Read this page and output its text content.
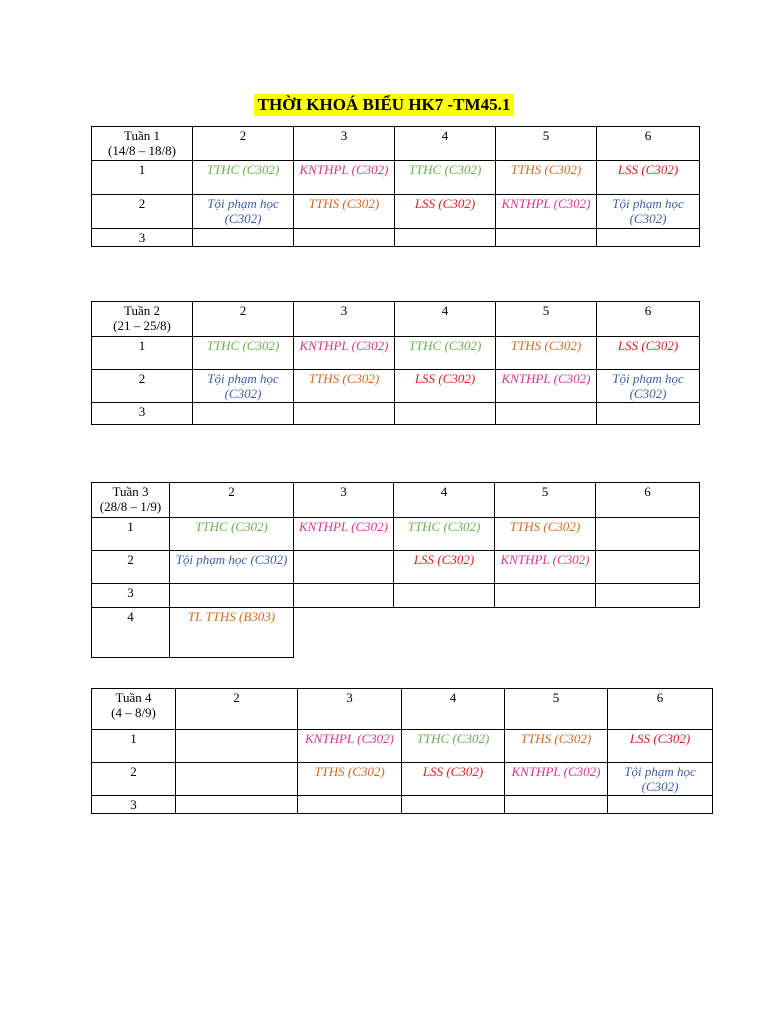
THỜI KHOÁ BIỂU HK7 -TM45.1
Tuần 1
(14/8 – 18/8)	2	3	4	5	6
1	TTHC (C302)	KNTHPL (C302)	TTHC (C302)	TTHS (C302)	LSS (C302)

2	Tội phạm học (C302)	TTHS (C302)	LSS (C302)	KNTHPL (C302)	Tội phạm học (C302)

3					
Tuần 2
(21 – 25/8)	2	3	4	5	6
1	TTHC (C302)	KNTHPL (C302)	TTHC (C302)	TTHS (C302)	LSS (C302)

2	Tội phạm học (C302)	TTHS (C302)	LSS (C302)	KNTHPL (C302)	Tội phạm học (C302)

3					
Tuần 3
(28/8 – 1/9)	2	3	4	5	6
1	TTHC (C302)	KNTHPL (C302)	TTHC (C302)	TTHS (C302)	

2	Tội phạm học (C302)		LSS (C302)	KNTHPL (C302)	

3					
4	TL TTHS (B303)				

Tuần 4
(4 – 8/9)	2	3	4	5	6
1		KNTHPL (C302)	TTHC (C302)	TTHS (C302)	LSS (C302)

2		TTHS (C302)	LSS (C302)	KNTHPL (C302)	Tội phạm học (C302)

3					
